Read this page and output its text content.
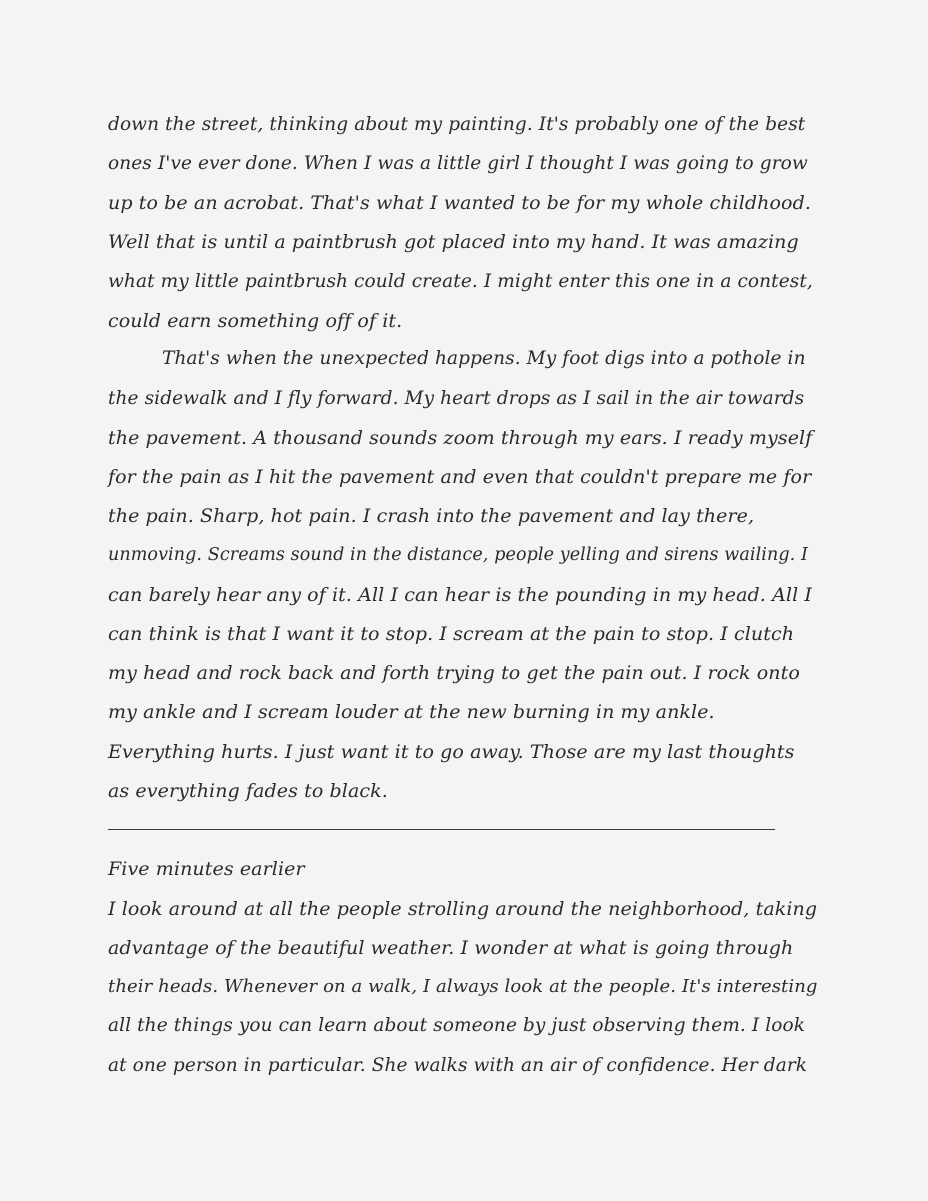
down the street, thinking about my painting. It's probably one of the best
ones I've ever done. When I was a little girl I thought I was going to grow
up to be an acrobat. That's what I wanted to be for my whole childhood.
Well that is until a paintbrush got placed into my hand. It was amazing
what my little paintbrush could create. I might enter this one in a contest,
could earn something off of it.
That's when the unexpected happens. My foot digs into a pothole in
the sidewalk and I fly forward. My heart drops as I sail in the air towards
the pavement. A thousand sounds zoom through my ears. I ready myself
for the pain as I hit the pavement and even that couldn't prepare me for
the pain. Sharp, hot pain. I crash into the pavement and lay there,
unmoving. Screams sound in the distance, people yelling and sirens wailing. I
can barely hear any of it. All I can hear is the pounding in my head. All I
can think is that I want it to stop. I scream at the pain to stop. I clutch
my head and rock back and forth trying to get the pain out. I rock onto
my ankle and I scream louder at the new burning in my ankle.
Everything hurts. I just want it to go away. Those are my last thoughts
as everything fades to black.
Five minutes earlier
I look around at all the people strolling around the neighborhood, taking
advantage of the beautiful weather. I wonder at what is going through
their heads. Whenever on a walk, I always look at the people. It's interesting
all the things you can learn about someone by just observing them. I look
at one person in particular. She walks with an air of confidence. Her dark
